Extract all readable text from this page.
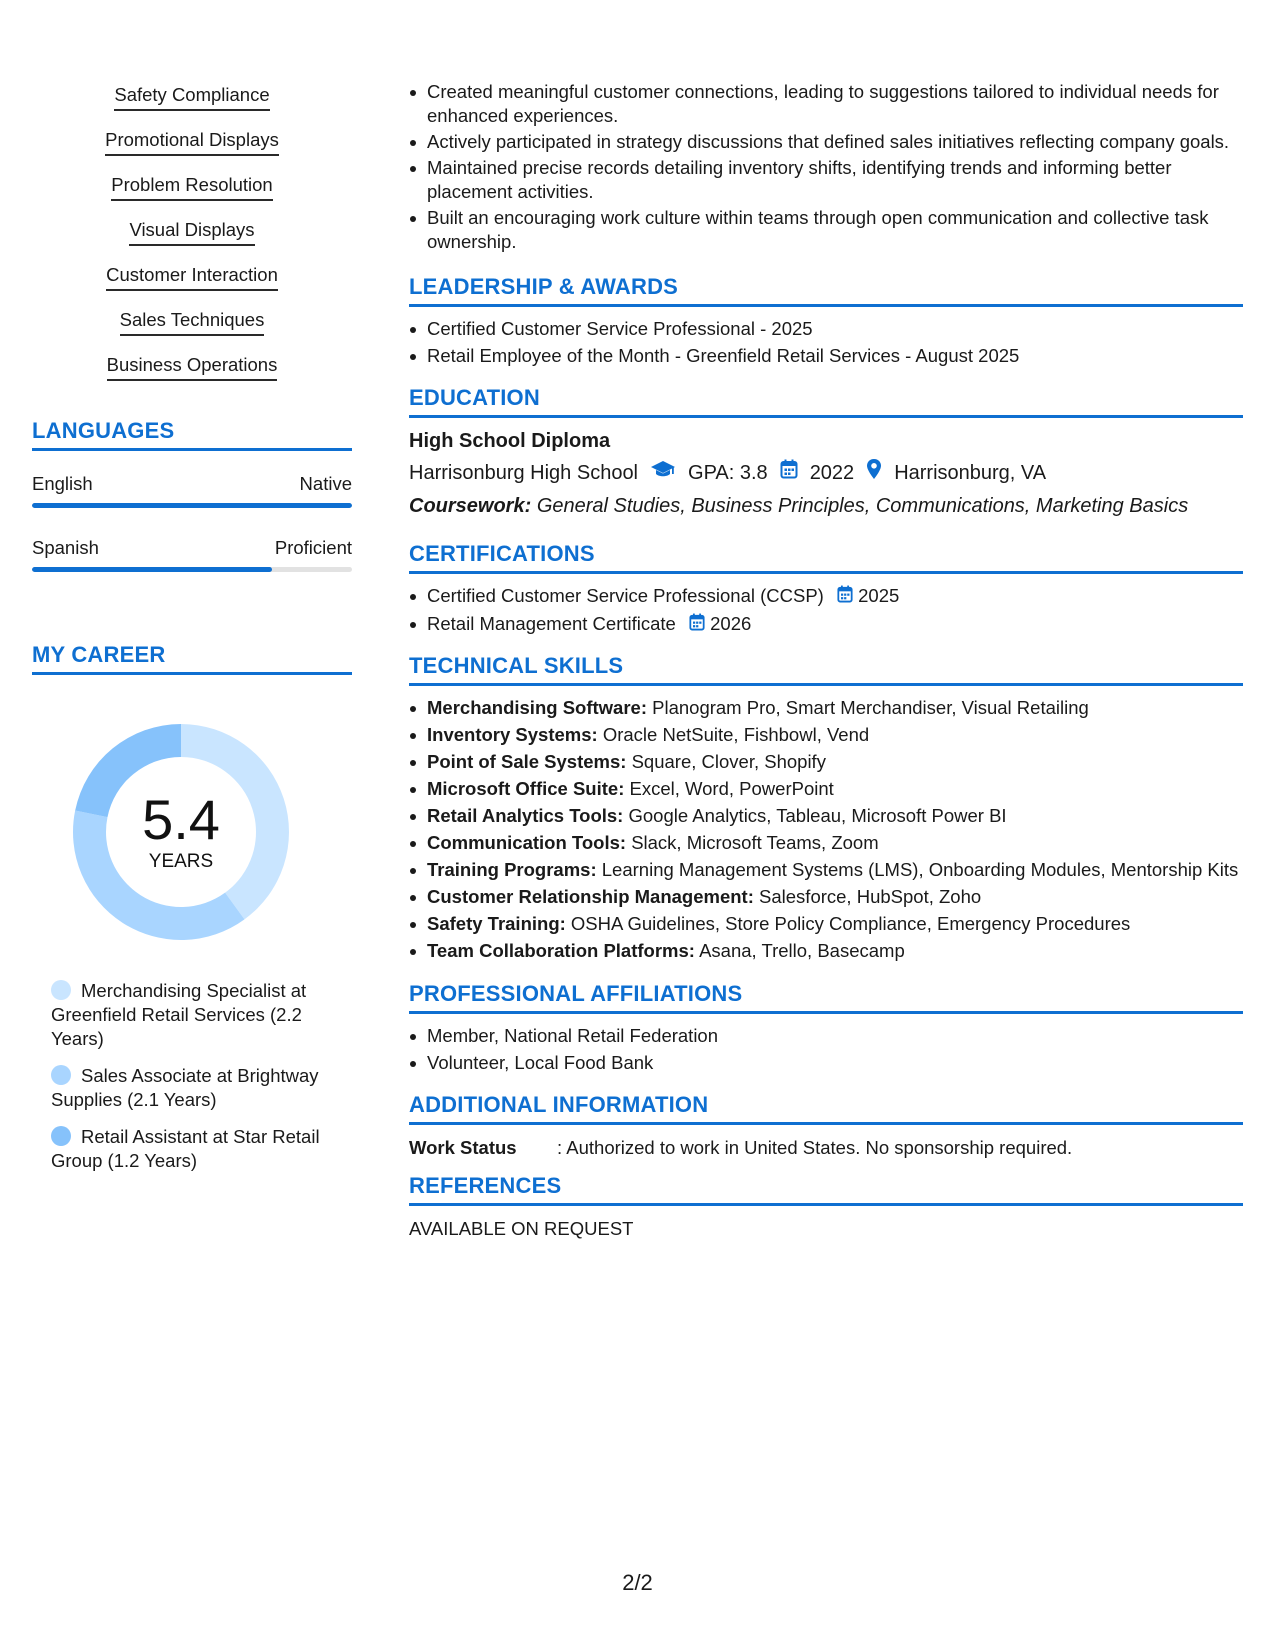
Safety Compliance
Promotional Displays
Problem Resolution
Visual Displays
Customer Interaction
Sales Techniques
Business Operations
LANGUAGES
English	Native
Spanish	Proficient
MY CAREER
5.4
YEARS
Merchandising Specialist at Greenfield Retail Services (2.2 Years)
Sales Associate at Brightway Supplies (2.1 Years)
Retail Assistant at Star Retail Group (1.2 Years)
Created meaningful customer connections, leading to suggestions tailored to individual needs for enhanced experiences.
Actively participated in strategy discussions that defined sales initiatives reflecting company goals.
Maintained precise records detailing inventory shifts, identifying trends and informing better placement activities.
Built an encouraging work culture within teams through open communication and collective task ownership.
LEADERSHIP & AWARDS
Certified Customer Service Professional - 2025
Retail Employee of the Month - Greenfield Retail Services - August 2025
EDUCATION
High School Diploma
Harrisonburg High School	GPA: 3.8 2022 Harrisonburg, VA
Coursework: General Studies, Business Principles, Communications, Marketing Basics
CERTIFICATIONS
Certified Customer Service Professional (CCSP) 2025
Retail Management Certificate 2026
TECHNICAL SKILLS
Merchandising Software: Planogram Pro, Smart Merchandiser, Visual Retailing
Inventory Systems: Oracle NetSuite, Fishbowl, Vend
Point of Sale Systems: Square, Clover, Shopify
Microsoft Office Suite: Excel, Word, PowerPoint
Retail Analytics Tools: Google Analytics, Tableau, Microsoft Power BI
Communication Tools: Slack, Microsoft Teams, Zoom
Training Programs: Learning Management Systems (LMS), Onboarding Modules, Mentorship Kits
Customer Relationship Management: Salesforce, HubSpot, Zoho
Safety Training: OSHA Guidelines, Store Policy Compliance, Emergency Procedures
Team Collaboration Platforms: Asana, Trello, Basecamp
PROFESSIONAL AFFILIATIONS
Member, National Retail Federation
Volunteer, Local Food Bank
ADDITIONAL INFORMATION
Work Status	: Authorized to work in United States. No sponsorship required.
REFERENCES
AVAILABLE ON REQUEST
2/2
